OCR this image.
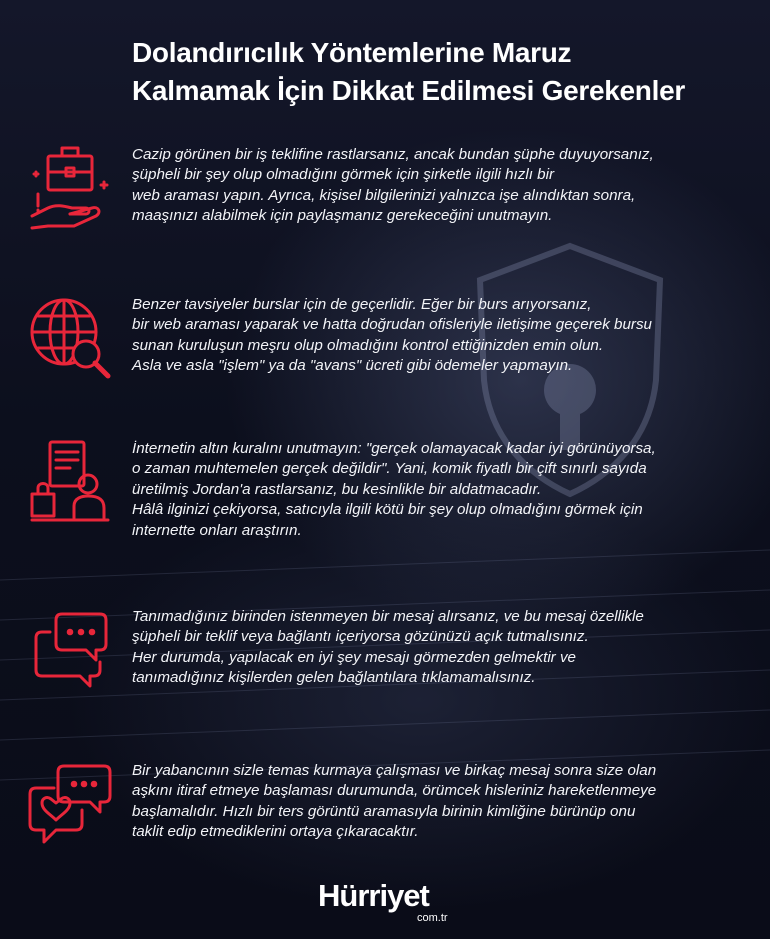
Dolandırıcılık Yöntemlerine Maruz
Kalmamak İçin Dikkat Edilmesi Gerekenler
Cazip görünen bir iş teklifine rastlarsanız, ancak bundan şüphe duyuyorsanız,
şüpheli bir şey olup olmadığını görmek için şirketle ilgili hızlı bir
web araması yapın. Ayrıca, kişisel bilgilerinizi yalnızca işe alındıktan sonra,
maaşınızı alabilmek için paylaşmanız gerekeceğini unutmayın.
Benzer tavsiyeler burslar için de geçerlidir. Eğer bir burs arıyorsanız,
bir web araması yaparak ve hatta doğrudan ofisleriyle iletişime geçerek bursu
sunan kuruluşun meşru olup olmadığını kontrol ettiğinizden emin olun.
Asla ve asla "işlem" ya da "avans" ücreti gibi ödemeler yapmayın.
İnternetin altın kuralını unutmayın: "gerçek olamayacak kadar iyi görünüyorsa,
o zaman muhtemelen gerçek değildir". Yani, komik fiyatlı bir çift sınırlı sayıda
üretilmiş Jordan'a rastlarsanız, bu kesinlikle bir aldatmacadır.
Hâlâ ilginizi çekiyorsa, satıcıyla ilgili kötü bir şey olup olmadığını görmek için
internette onları araştırın.
Tanımadığınız birinden istenmeyen bir mesaj alırsanız, ve bu mesaj özellikle
şüpheli bir teklif veya bağlantı içeriyorsa gözünüzü açık tutmalısınız.
Her durumda, yapılacak en iyi şey mesajı görmezden gelmektir ve
tanımadığınız kişilerden gelen bağlantılara tıklamamalısınız.
Bir yabancının sizle temas kurmaya çalışması ve birkaç mesaj sonra size olan
aşkını itiraf etmeye başlaması durumunda, örümcek hisleriniz hareketlenmeye
başlamalıdır. Hızlı bir ters görüntü aramasıyla birinin kimliğine bürünüp onu
taklit edip etmediklerini ortaya çıkaracaktır.
Hürriyet
com.tr
